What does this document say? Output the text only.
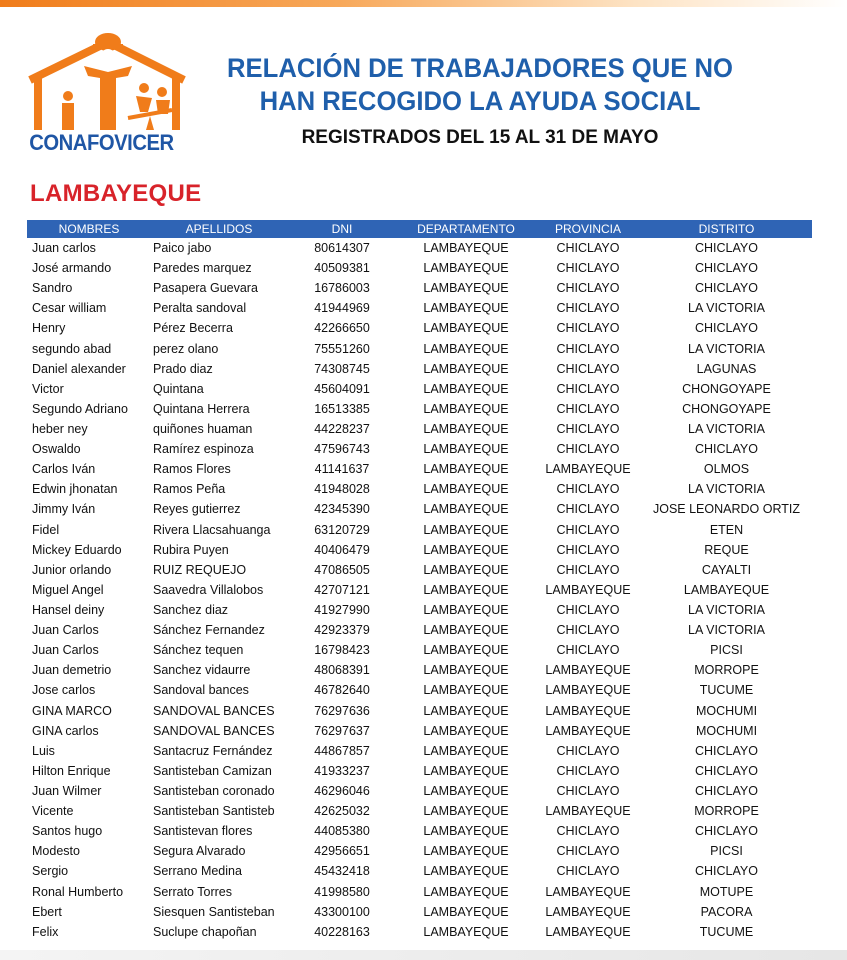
CONAFOVICER
RELACIÓN DE TRABAJADORES QUE NO
HAN RECOGIDO LA AYUDA SOCIAL
REGISTRADOS DEL 15 AL 31 DE MAYO
LAMBAYEQUE
NOMBRES	APELLIDOS	DNI	DEPARTAMENTO	PROVINCIA	DISTRITO
Juan carlos	Paico jabo	80614307	LAMBAYEQUE	CHICLAYO	CHICLAYO
José armando	Paredes marquez	40509381	LAMBAYEQUE	CHICLAYO	CHICLAYO
Sandro	Pasapera Guevara	16786003	LAMBAYEQUE	CHICLAYO	CHICLAYO
Cesar william	Peralta sandoval	41944969	LAMBAYEQUE	CHICLAYO	LA VICTORIA
Henry	Pérez Becerra	42266650	LAMBAYEQUE	CHICLAYO	CHICLAYO
segundo abad	perez olano	75551260	LAMBAYEQUE	CHICLAYO	LA VICTORIA
Daniel alexander	Prado diaz	74308745	LAMBAYEQUE	CHICLAYO	LAGUNAS
Victor	Quintana	45604091	LAMBAYEQUE	CHICLAYO	CHONGOYAPE
Segundo Adriano	Quintana Herrera	16513385	LAMBAYEQUE	CHICLAYO	CHONGOYAPE
heber ney	quiñones huaman	44228237	LAMBAYEQUE	CHICLAYO	LA VICTORIA
Oswaldo	Ramírez espinoza	47596743	LAMBAYEQUE	CHICLAYO	CHICLAYO
Carlos Iván	Ramos Flores	41141637	LAMBAYEQUE	LAMBAYEQUE	OLMOS
Edwin jhonatan	Ramos Peña	41948028	LAMBAYEQUE	CHICLAYO	LA VICTORIA
Jimmy Iván	Reyes gutierrez	42345390	LAMBAYEQUE	CHICLAYO	JOSE LEONARDO ORTIZ
Fidel	Rivera Llacsahuanga	63120729	LAMBAYEQUE	CHICLAYO	ETEN
Mickey Eduardo	Rubira Puyen	40406479	LAMBAYEQUE	CHICLAYO	REQUE
Junior orlando	RUIZ REQUEJO	47086505	LAMBAYEQUE	CHICLAYO	CAYALTI
Miguel Angel	Saavedra Villalobos	42707121	LAMBAYEQUE	LAMBAYEQUE	LAMBAYEQUE
Hansel deiny	Sanchez diaz	41927990	LAMBAYEQUE	CHICLAYO	LA VICTORIA
Juan Carlos	Sánchez Fernandez	42923379	LAMBAYEQUE	CHICLAYO	LA VICTORIA
Juan Carlos	Sánchez tequen	16798423	LAMBAYEQUE	CHICLAYO	PICSI
Juan demetrio	Sanchez vidaurre	48068391	LAMBAYEQUE	LAMBAYEQUE	MORROPE
Jose carlos	Sandoval bances	46782640	LAMBAYEQUE	LAMBAYEQUE	TUCUME
GINA MARCO	SANDOVAL BANCES	76297636	LAMBAYEQUE	LAMBAYEQUE	MOCHUMI
GINA carlos	SANDOVAL BANCES	76297637	LAMBAYEQUE	LAMBAYEQUE	MOCHUMI
Luis	Santacruz Fernández	44867857	LAMBAYEQUE	CHICLAYO	CHICLAYO
Hilton Enrique	Santisteban Camizan	41933237	LAMBAYEQUE	CHICLAYO	CHICLAYO
Juan Wilmer	Santisteban coronado	46296046	LAMBAYEQUE	CHICLAYO	CHICLAYO
Vicente	Santisteban Santisteb	42625032	LAMBAYEQUE	LAMBAYEQUE	MORROPE
Santos hugo	Santistevan flores	44085380	LAMBAYEQUE	CHICLAYO	CHICLAYO
Modesto	Segura Alvarado	42956651	LAMBAYEQUE	CHICLAYO	PICSI
Sergio	Serrano Medina	45432418	LAMBAYEQUE	CHICLAYO	CHICLAYO
Ronal Humberto	Serrato Torres	41998580	LAMBAYEQUE	LAMBAYEQUE	MOTUPE
Ebert	Siesquen Santisteban	43300100	LAMBAYEQUE	LAMBAYEQUE	PACORA
Felix	Suclupe chapoñan	40228163	LAMBAYEQUE	LAMBAYEQUE	TUCUME
